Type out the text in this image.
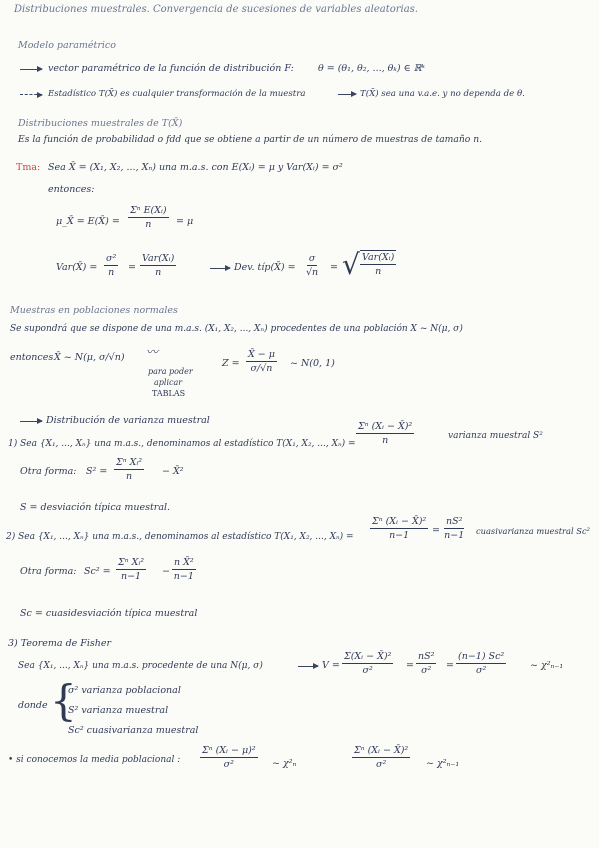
Distribuciones muestrales. Convergencia de sucesiones de variables aleatorias.
Modelo paramétrico
vector paramétrico de la función de distribución F:	θ = (θ₁, θ₂, ..., θₖ) ∈ ℝᵏ
Estadístico T(X̄) es cualquier transformación de la muestra	T(X̄) sea una v.a.e. y no dependa de θ.
Distribuciones muestrales de T(X̄)
Es la función de probabilidad o fdd que se obtiene a partir de un número de muestras de tamaño n.
Tma: Sea X̄ = (X₁, X₂, ..., Xₙ) una m.a.s. con E(Xᵢ) = μ y Var(Xᵢ) = σ²
entonces:
μ_X̄ = E(X̄) = $\frac{\text{Σⁿ E(Xᵢ)}}{n} = \mu$
Var(X̄) = $\frac{\text{σ²}}{n}$ =
Var(Xᵢ)
n	Dev. típ(X̄) = $\frac{\sigma}{√n}$ = √ Var(Xᵢ)
n
Muestras en poblaciones normales
Se supondrá que se dispone de una m.a.s. (X₁, X₂, ..., Xₙ) procedentes de una población X ~ N(μ, σ)
entonces X̄ ~ N(μ, σ/√n) 〰
para poder
aplicar
TABLAS
$Z = \frac{X̄ - \mu}{\sigma/√n}$ ~ N(0, 1)
Distribución de varianza muestral
1) Sea {X₁, ..., Xₙ} una m.a.s., denominamos al estadístico T(X₁, X₂, ..., $X_n) = \frac{\text{Σⁿ (Xᵢ − X̄)²}}{n}$	varianza muestral S²
Otra forma: $S^2 = \frac{\text{Σⁿ Xᵢ²}}{n}$ − X̄²
S = desviación típica muestral.
2) Sea {X₁, ..., Xₙ} una m.a.s., denominamos al estadístico T(X₁, X₂, ..., $X_n) = \frac{\text{Σⁿ (Xᵢ − X̄)²}}{n-1} = \frac{\text{nS²}}{n-1}$ cuasivarianza muestral Sc²
Otra forma: $Sc^2 = \frac{\text{Σⁿ Xᵢ²}}{n-1} - \frac{\text{n X̄²}}{n-1}$
Sc = cuasidesviación típica muestral
3) Teorema de Fisher
Sea {X₁, ..., Xₙ} una m.a.s. procedente de una N(μ, σ)	$V = \frac{\text{Σ(Xᵢ − X̄)²}}{\text{σ²}} = \frac{\text{nS²}}{\text{σ²}} = \frac{\text{(n−1) Sc²}}{\text{σ²}}$	~ χ²ₙ₋₁
donde {
σ² varianza poblacional
S² varianza muestral
Sc² cuasivarianza muestral
• si conocemos la media poblacional : $\frac{\text{Σⁿ (Xᵢ − μ)²}}{\text{σ²}}$ ~ χ²ₙ	$\frac{\text{Σⁿ (Xᵢ − X̄)²}}{\text{σ²}}$ ~ χ²ₙ₋₁
